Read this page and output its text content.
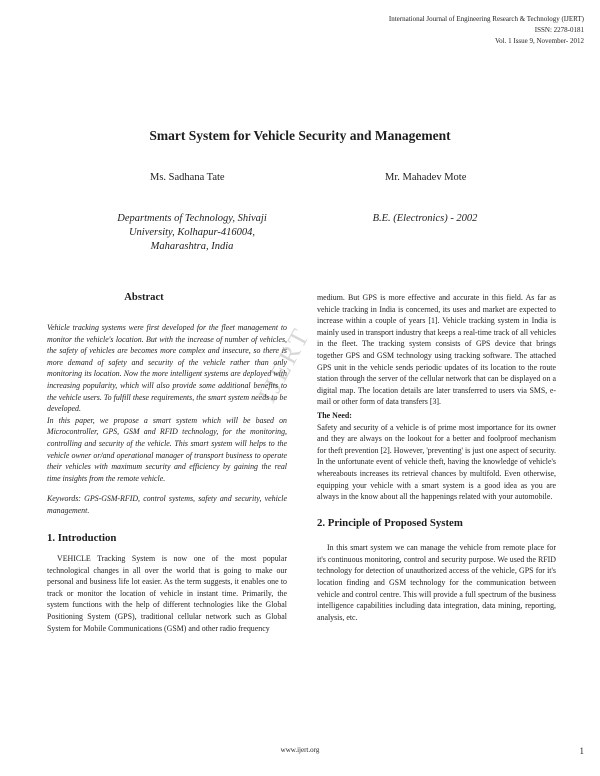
International Journal of Engineering Research & Technology (IJERT)
ISSN: 2278-0181
Vol. 1 Issue 9, November- 2012
Smart System for Vehicle Security and Management
Ms. Sadhana Tate	Mr. Mahadev Mote
Departments of Technology, Shivaji
University, Kolhapur-416004,
Maharashtra, India
B.E. (Electronics) - 2002
IJERT
Abstract

Vehicle tracking systems were first developed for the fleet management to monitor the vehicle's location. But with the increase of number of vehicles, the safety of vehicles are becomes more complex and insecure, so there is more demand of safety and security of the vehicle rather than only monitoring its location. Now the more intelligent systems are deployed with increasing popularity, which will also provide some additional benefits to the vehicle users. To fulfill these requirements, the smart system needs to be developed.

In this paper, we propose a smart system which will be based on Microcontroller, GPS, GSM and RFID technology, for the monitoring, controlling and security of the vehicle. This smart system will helps to the vehicle owner or/and operational manager of transport business to operate their vehicles with maximum security and efficiency by gaining the real time insights from the remote vehicle.

Keywords: GPS-GSM-RFID, control systems, safety and security, vehicle management.

1. Introduction

VEHICLE Tracking System is now one of the most popular technological changes in all over the world that is going to make our personal and business life lot easier. As the term suggests, it enables one to track or monitor the location of vehicle in instant time. Primarily, the system functions with the help of different technologies like the Global Positioning System (GPS), traditional cellular network such as Global System for Mobile Communications (GSM) and other radio frequency

medium. But GPS is more effective and accurate in this field. As far as vehicle tracking in India is concerned, its uses and market are expected to increase within a couple of years [1]. Vehicle tracking system in India is mainly used in transport industry that keeps a real-time track of all vehicles in the fleet. The tracking system consists of GPS device that brings together GPS and GSM technology using tracking software. The attached GPS unit in the vehicle sends periodic updates of its location to the route station through the server of the cellular network that can be displayed on a digital map. The location details are later transferred to users via SMS, e-mail or other form of data transfers [3].

The Need:

Safety and security of a vehicle is of prime most importance for its owner and they are always on the lookout for a better and foolproof mechanism for theft prevention [2]. However, 'preventing' is just one aspect of security. In the unfortunate event of vehicle theft, having the knowledge of vehicle's whereabouts increases its retrieval chances by multifold. Even otherwise, equipping your vehicle with a smart system is a good idea as you are always in the know about all the happenings related with your automobile.

2. Principle of Proposed System

In this smart system we can manage the vehicle from remote place for it's continuous monitoring, control and security purpose. We used the RFID technology for detection of unauthorized access of the vehicle, GPS for it's location finding and GSM technology for the communication between vehicle and control centre. This will provide a full spectrum of the business intelligence capabilities including data integration, data mining, reporting, analysis, etc.

www.ijert.org	1
